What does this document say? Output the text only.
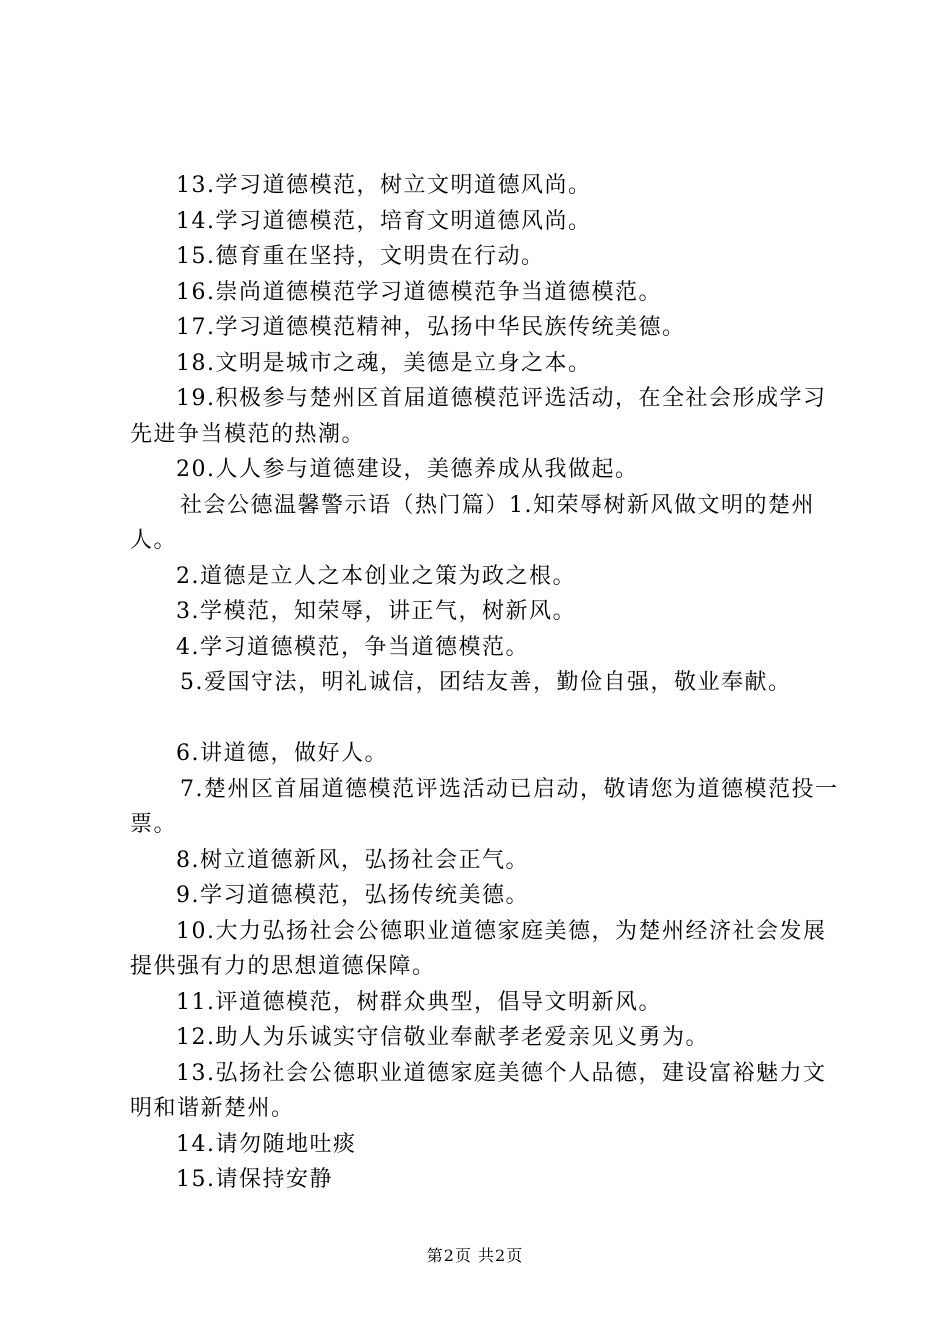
13.学习道德模范，树立文明道德风尚。

14.学习道德模范，培育文明道德风尚。

15.德育重在坚持，文明贵在行动。

16.崇尚道德模范学习道德模范争当道德模范。

17.学习道德模范精神，弘扬中华民族传统美德。

18.文明是城市之魂，美德是立身之本。

19.积极参与楚州区首届道德模范评选活动，在全社会形成学习先进争当模范的热潮。

20.人人参与道德建设，美德养成从我做起。

社会公德温馨警示语（热门篇）1.知荣辱树新风做文明的楚州人。

2.道德是立人之本创业之策为政之根。

3.学模范，知荣辱，讲正气，树新风。

4.学习道德模范，争当道德模范。

5.爱国守法，明礼诚信，团结友善，勤俭自强，敬业奉献。

6.讲道德，做好人。

7.楚州区首届道德模范评选活动已启动，敬请您为道德模范投一票。

8.树立道德新风，弘扬社会正气。

9.学习道德模范，弘扬传统美德。

10.大力弘扬社会公德职业道德家庭美德，为楚州经济社会发展提供强有力的思想道德保障。

11.评道德模范，树群众典型，倡导文明新风。

12.助人为乐诚实守信敬业奉献孝老爱亲见义勇为。

13.弘扬社会公德职业道德家庭美德个人品德，建设富裕魅力文明和谐新楚州。

14.请勿随地吐痰

15.请保持安静

第2页 共2页
